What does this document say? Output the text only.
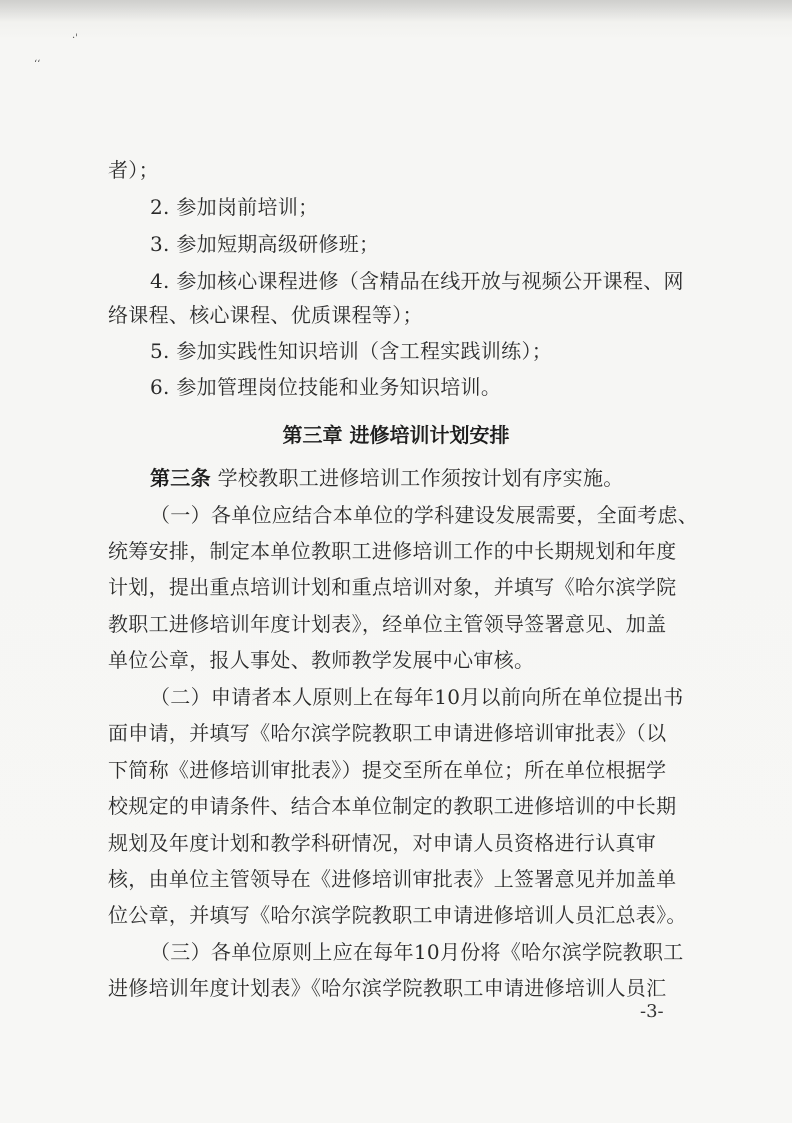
·'
‘‘
者）；
2. 参加岗前培训；
3. 参加短期高级研修班；
4. 参加核心课程进修（含精品在线开放与视频公开课程、网
络课程、核心课程、优质课程等）；
5. 参加实践性知识培训（含工程实践训练）；
6. 参加管理岗位技能和业务知识培训。
第三章 进修培训计划安排
第三条 学校教职工进修培训工作须按计划有序实施。
（一）各单位应结合本单位的学科建设发展需要，全面考虑、
统筹安排，制定本单位教职工进修培训工作的中长期规划和年度
计划，提出重点培训计划和重点培训对象，并填写《哈尔滨学院
教职工进修培训年度计划表》，经单位主管领导签署意见、加盖
单位公章，报人事处、教师教学发展中心审核。
（二）申请者本人原则上在每年10月以前向所在单位提出书
面申请，并填写《哈尔滨学院教职工申请进修培训审批表》（以
下简称《进修培训审批表》）提交至所在单位；所在单位根据学
校规定的申请条件、结合本单位制定的教职工进修培训的中长期
规划及年度计划和教学科研情况，对申请人员资格进行认真审
核，由单位主管领导在《进修培训审批表》上签署意见并加盖单
位公章，并填写《哈尔滨学院教职工申请进修培训人员汇总表》。
（三）各单位原则上应在每年10月份将《哈尔滨学院教职工
进修培训年度计划表》《哈尔滨学院教职工申请进修培训人员汇
-3-
